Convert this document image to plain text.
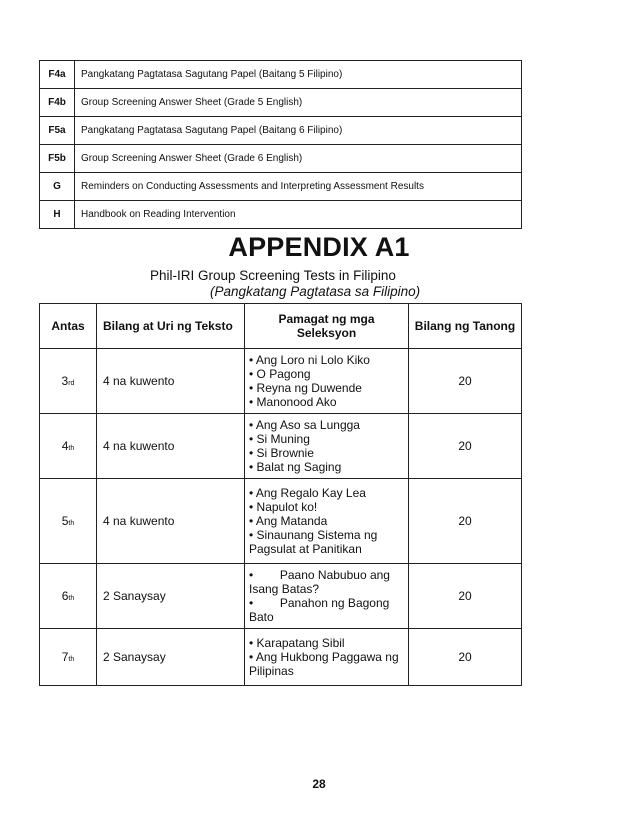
F4a	Pangkatang Pagtatasa Sagutang Papel (Baitang 5 Filipino)
F4b	Group Screening Answer Sheet (Grade 5 English)
F5a	Pangkatang Pagtatasa Sagutang Papel (Baitang 6 Filipino)
F5b	Group Screening Answer Sheet (Grade 6 English)
G	Reminders on Conducting Assessments and Interpreting Assessment Results
H	Handbook on Reading Intervention
APPENDIX A1
Phil-IRI Group Screening Tests in Filipino
(Pangkatang Pagtatasa sa Filipino)
Antas	Bilang at Uri ng Teksto	Pamagat ng mga Seleksyon	Bilang ng Tanong
3rd	4 na kuwento	• Ang Loro ni Lolo Kiko
• O Pagong
• Reyna ng Duwende
• Manonood Ako	20
4th	4 na kuwento	• Ang Aso sa Lungga
• Si Muning
• Si Brownie
• Balat ng Saging	20
5th	4 na kuwento	• Ang Regalo Kay Lea
• Napulot ko!
• Ang Matanda
• Sinaunang Sistema ng Pagsulat at Panitikan	20
6th	2 Sanaysay	•        Paano Nabubuo ang Isang Batas?
•        Panahon ng Bagong Bato	20
7th	2 Sanaysay	• Karapatang Sibil
• Ang Hukbong Paggawa ng Pilipinas	20
28
